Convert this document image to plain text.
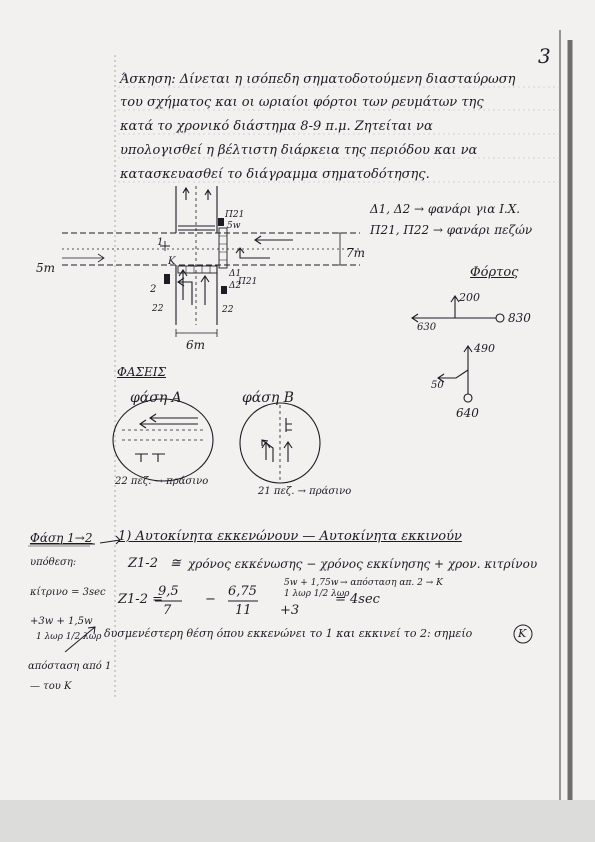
3
Άσκηση: Δίνεται η ισόπεδη σηματοδοτούμενη διασταύρωση
του σχήματος και οι ωριαίοι φόρτοι των ρευμάτων της
κατά το χρονικό διάστημα 8-9 π.μ. Ζητείται να
υπολογισθεί η βέλτιστη διάρκεια της περιόδου και να
κατασκευασθεί το διάγραμμα σηματοδότησης.
Δ1, Δ2 → φανάρι για Ι.Χ.
Π21, Π22 → φανάρι πεζών
7m
5m
6m
Π21
5w
Δ1
Π21
Δ2
22
2
22
Κ
1
Φόρτος
200
830
630
490
50
640
ΦΑΣΕΙΣ
φάση Α	φάση Β
22 πεζ. → πράσινο
21 πεζ. → πράσινο
1) Αυτοκίνητα εκκενώνουν — Αυτοκίνητα εκκινούν
Φάση 1→2
Ζ1-2 ≅ χρόνος εκκένωσης − χρόνος εκκίνησης + χρον. κιτρίνου
υπόθεση:
κίτρινο = 3sec Ζ1-2 =
9,5
7
−
6,75
11 +3
= 4sec
5w + 1,75w → απόσταση απ. 2 → Κ
1 λωρ 1/2 λωρ
+3w + 1,5w
1 λωρ 1/2 λωρ
απόσταση από 1
— του Κ
δυσμενέστερη θέση όπου εκκενώνει το 1 και εκκινεί το 2: σημείο	Κ
